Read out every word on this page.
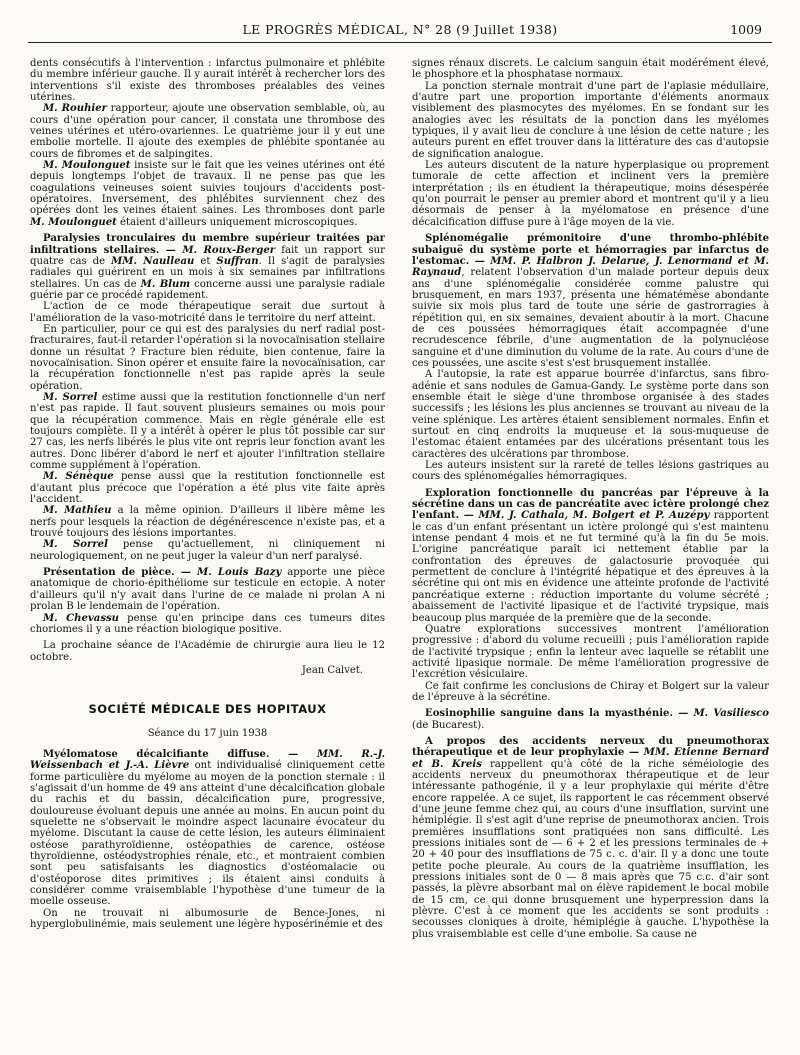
LE PROGRÈS MÉDICAL, N° 28 (9 Juillet 1938)	1009

dents consécutifs à l'intervention : infarctus pulmonaire et phlébite du membre inférieur gauche. Il y aurait intérêt à rechercher lors des interventions s'il existe des thromboses préalables des veines utérines.

M. Rouhier rapporteur, ajoute une observation semblable, où, au cours d'une opération pour cancer, il constata une thrombose des veines utérines et utéro-ovariennes. Le quatrième jour il y eut une embolie mortelle. Il ajoute des exemples de phlébite spontanée au cours de fibromes et de salpingites.

M. Moulonguet insiste sur le fait que les veines utérines ont été depuis longtemps l'objet de travaux. Il ne pense pas que les coagulations veineuses soient suivies toujours d'accidents post-opératoires. Inversement, des phlébites surviennent chez des opérées dont les veines étaient saines. Les thromboses dont parle M. Moulonguet étaient d'ailleurs uniquement microscopiques.

Paralysies tronculaires du membre supérieur traitées par infiltrations stellaires. — M. Roux-Berger fait un rapport sur quatre cas de MM. Naulleau et Suffran. Il s'agit de paralysies radiales qui guérirent en un mois à six semaines par infiltrations stellaires. Un cas de M. Blum concerne aussi une paralysie radiale guérie par ce procédé rapidement.

L'action de ce mode thérapeutique serait due surtout à l'amélioration de la vaso-motricité dans le territoire du nerf atteint.

En particulier, pour ce qui est des paralysies du nerf radial post-fracturaires, faut-il retarder l'opération si la novocaïnisation stellaire donne un résultat ? Fracture bien réduite, bien contenue, faire la novocaïnisation. Sinon opérer et ensuite faire la novocaïnisation, car la récupération fonctionnelle n'est pas rapide après la seule opération.

M. Sorrel estime aussi que la restitution fonctionnelle d'un nerf n'est pas rapide. Il faut souvent plusieurs semaines ou mois pour que la récupération commence. Mais en règle générale elle est toujours complète. Il y a intérêt à opérer le plus tôt possible car sur 27 cas, les nerfs libérés le plus vite ont repris leur fonction avant les autres. Donc libérer d'abord le nerf et ajouter l'infiltration stellaire comme supplément à l'opération.

M. Sénèque pense aussi que la restitution fonctionnelle est d'autant plus précoce que l'opération a été plus vite faite après l'accident.

M. Mathieu a la même opinion. D'ailleurs il libère même les nerfs pour lesquels la réaction de dégénérescence n'existe pas, et a trouvé toujours des lésions importantes.

M. Sorrel pense qu'actuellement, ni cliniquement ni neurologiquement, on ne peut juger la valeur d'un nerf paralysé.

Présentation de pièce. — M. Louis Bazy apporte une pièce anatomique de chorio-épithéliome sur testicule en ectopie. A noter d'ailleurs qu'il n'y avait dans l'urine de ce malade ni prolan A ni prolan B le lendemain de l'opération.

M. Chevassu pense qu'en principe dans ces tumeurs dites choriomes il y a une réaction biologique positive.

La prochaine séance de l'Académie de chirurgie aura lieu le 12 octobre.

Jean Calvet.
SOCIÉTÉ MÉDICALE DES HOPITAUX
Séance du 17 juin 1938

Myélomatose décalcifiante diffuse. — MM. R.-J. Weissenbach et J.-A. Lièvre ont individualisé cliniquement cette forme particulière du myélome au moyen de la ponction sternale : il s'agissait d'un homme de 49 ans atteint d'une décalcification globale du rachis et du bassin, décalcification pure, progressive, douloureuse évoluant depuis une année au moins. En aucun point du squelette ne s'observait le moindre aspect lacunaire évocateur du myélome. Discutant la cause de cette lésion, les auteurs éliminaient ostéose parathyroïdienne, ostéopathies de carence, ostéose thyroïdienne, ostéodystrophies rénale, etc., et montraient combien sont peu satisfaisants les diagnostics d'ostéomalacie ou d'ostéoporose dites primitives ; ils étaient ainsi conduits à considérer comme vraisemblable l'hypothèse d'une tumeur de la moelle osseuse.

On ne trouvait ni albumosurie de Bence-Jones, ni hyperglobulinémie, mais seulement une légère hyposérinémie et des

signes rénaux discrets. Le calcium sanguin était modérément élevé, le phosphore et la phosphatase normaux.

La ponction sternale montrait d'une part de l'aplasie médullaire, d'autre part une proportion importante d'éléments anormaux visiblement des plasmocytes des myélomes. En se fondant sur les analogies avec les résultats de la ponction dans les myélomes typiques, il y avait lieu de conclure à une lésion de cette nature ; les auteurs purent en effet trouver dans la littérature des cas d'autopsie de signification analogue.

Les auteurs discutent de la nature hyperplasique ou proprement tumorale de cette affection et inclinent vers la première interprétation ; ils en étudient la thérapeutique, moins désespérée qu'on pourrait le penser au premier abord et montrent qu'il y a lieu désormais de penser à la myélomatose en présence d'une décalcification diffuse pure à l'âge moyen de la vie.

Splénomégalie prémonitoire d'une thrombo-phlébite subaiguë du système porte et hémorragies par infarctus de l'estomac. — MM. P. Halbron J. Delarue, J. Lenormand et M. Raynaud, relatent l'observation d'un malade porteur depuis deux ans d'une splénomégalie considérée comme palustre qui brusquement, en mars 1937, présenta une hématémèse abondante suivie six mois plus tard de toute une série de gastrorragies à répétition qui, en six semaines, devaient aboutir à la mort. Chacune de ces poussées hémorragiques était accompagnée d'une recrudescence fébrile, d'une augmentation de la polynucléose sanguine et d'une diminution du volume de la rate. Au cours d'une de ces poussées, une ascite s'est s'est brusquement installée.

A l'autopsie, la rate est apparue bourrée d'infarctus, sans fibro-adénie et sans nodules de Gamua-Gandy. Le système porte dans son ensemble était le siège d'une thrombose organisée à des stades successifs ; les lésions les plus anciennes se trouvant au niveau de la veine splénique. Les artères étaient sensiblement normales. Enfin et surtout en cinq endroits la muqueuse et la sous-muqueuse de l'estomac étaient entamées par des ulcérations présentant tous les caractères des ulcérations par thrombose.

Les auteurs insistent sur la rareté de telles lésions gastriques au cours des splénomégalies hémorragiques.

Exploration fonctionnelle du pancréas par l'épreuve à la sécrétine dans un cas de pancréatite avec ictère prolongé chez l'enfant. — MM. J. Cathala, M. Bolgert et P. Auzépy rapportent le cas d'un enfant présentant un ictère prolongé qui s'est maintenu intense pendant 4 mois et ne fut terminé qu'à la fin du 5e mois. L'origine pancréatique paraît ici nettement établie par la confrontation des épreuves de galactosurie provoquée qui permettent de conclure à l'intégrité hépatique et des épreuves à la sécrétine qui ont mis en évidence une atteinte profonde de l'activité pancréatique externe : réduction importante du volume sécrété ; abaissement de l'activité lipasique et de l'activité trypsique, mais beaucoup plus marquée de la première que de la seconde.

Quatre explorations successives montrent l'amélioration progressive : d'abord du volume recueilli ; puis l'amélioration rapide de l'activité trypsique ; enfin la lenteur avec laquelle se rétablit une activité lipasique normale. De même l'amélioration progressive de l'excrétion vésiculaire.

Ce fait confirme les conclusions de Chiray et Bolgert sur la valeur de l'épreuve à la sécrétine.

Eosinophilie sanguine dans la myasthénie. — M. Vasiliesco (de Bucarest).

A propos des accidents nerveux du pneumothorax thérapeutique et de leur prophylaxie — MM. Etienne Bernard et B. Kreis rappellent qu'à côté de la riche séméiologie des accidents nerveux du pneumothorax thérapeutique et de leur intéressante pathogénie, il y a leur prophylaxie qui mérite d'être encore rappelée. A ce sujet, ils rapportent le cas récemment observé d'une jeune femme chez qui, au cours d'une insufflation, survint une hémiplégie. Il s'est agit d'une reprise de pneumothorax ancien. Trois premières insufflations sont pratiquées non sans difficulté. Les pressions initiales sont de — 6 + 2 et les pressions terminales de + 20 + 40 pour des insufflations de 75 c. c. d'air. Il y a donc une toute petite poche pleurale. Au cours de la quatrième insufflation, les pressions initiales sont de 0 — 8 mais après que 75 c.c. d'air sont passés, la plèvre absorbant mal on élève rapidement le bocal mobile de 15 cm, ce qui donne brusquement une hyperpression dans la plèvre. C'est à ce moment que les accidents se sont produits : secousses cloniques à droite, hémiplégie à gauche. L'hypothèse la plus vraisemblable est celle d'une embolie. Sa cause ne
